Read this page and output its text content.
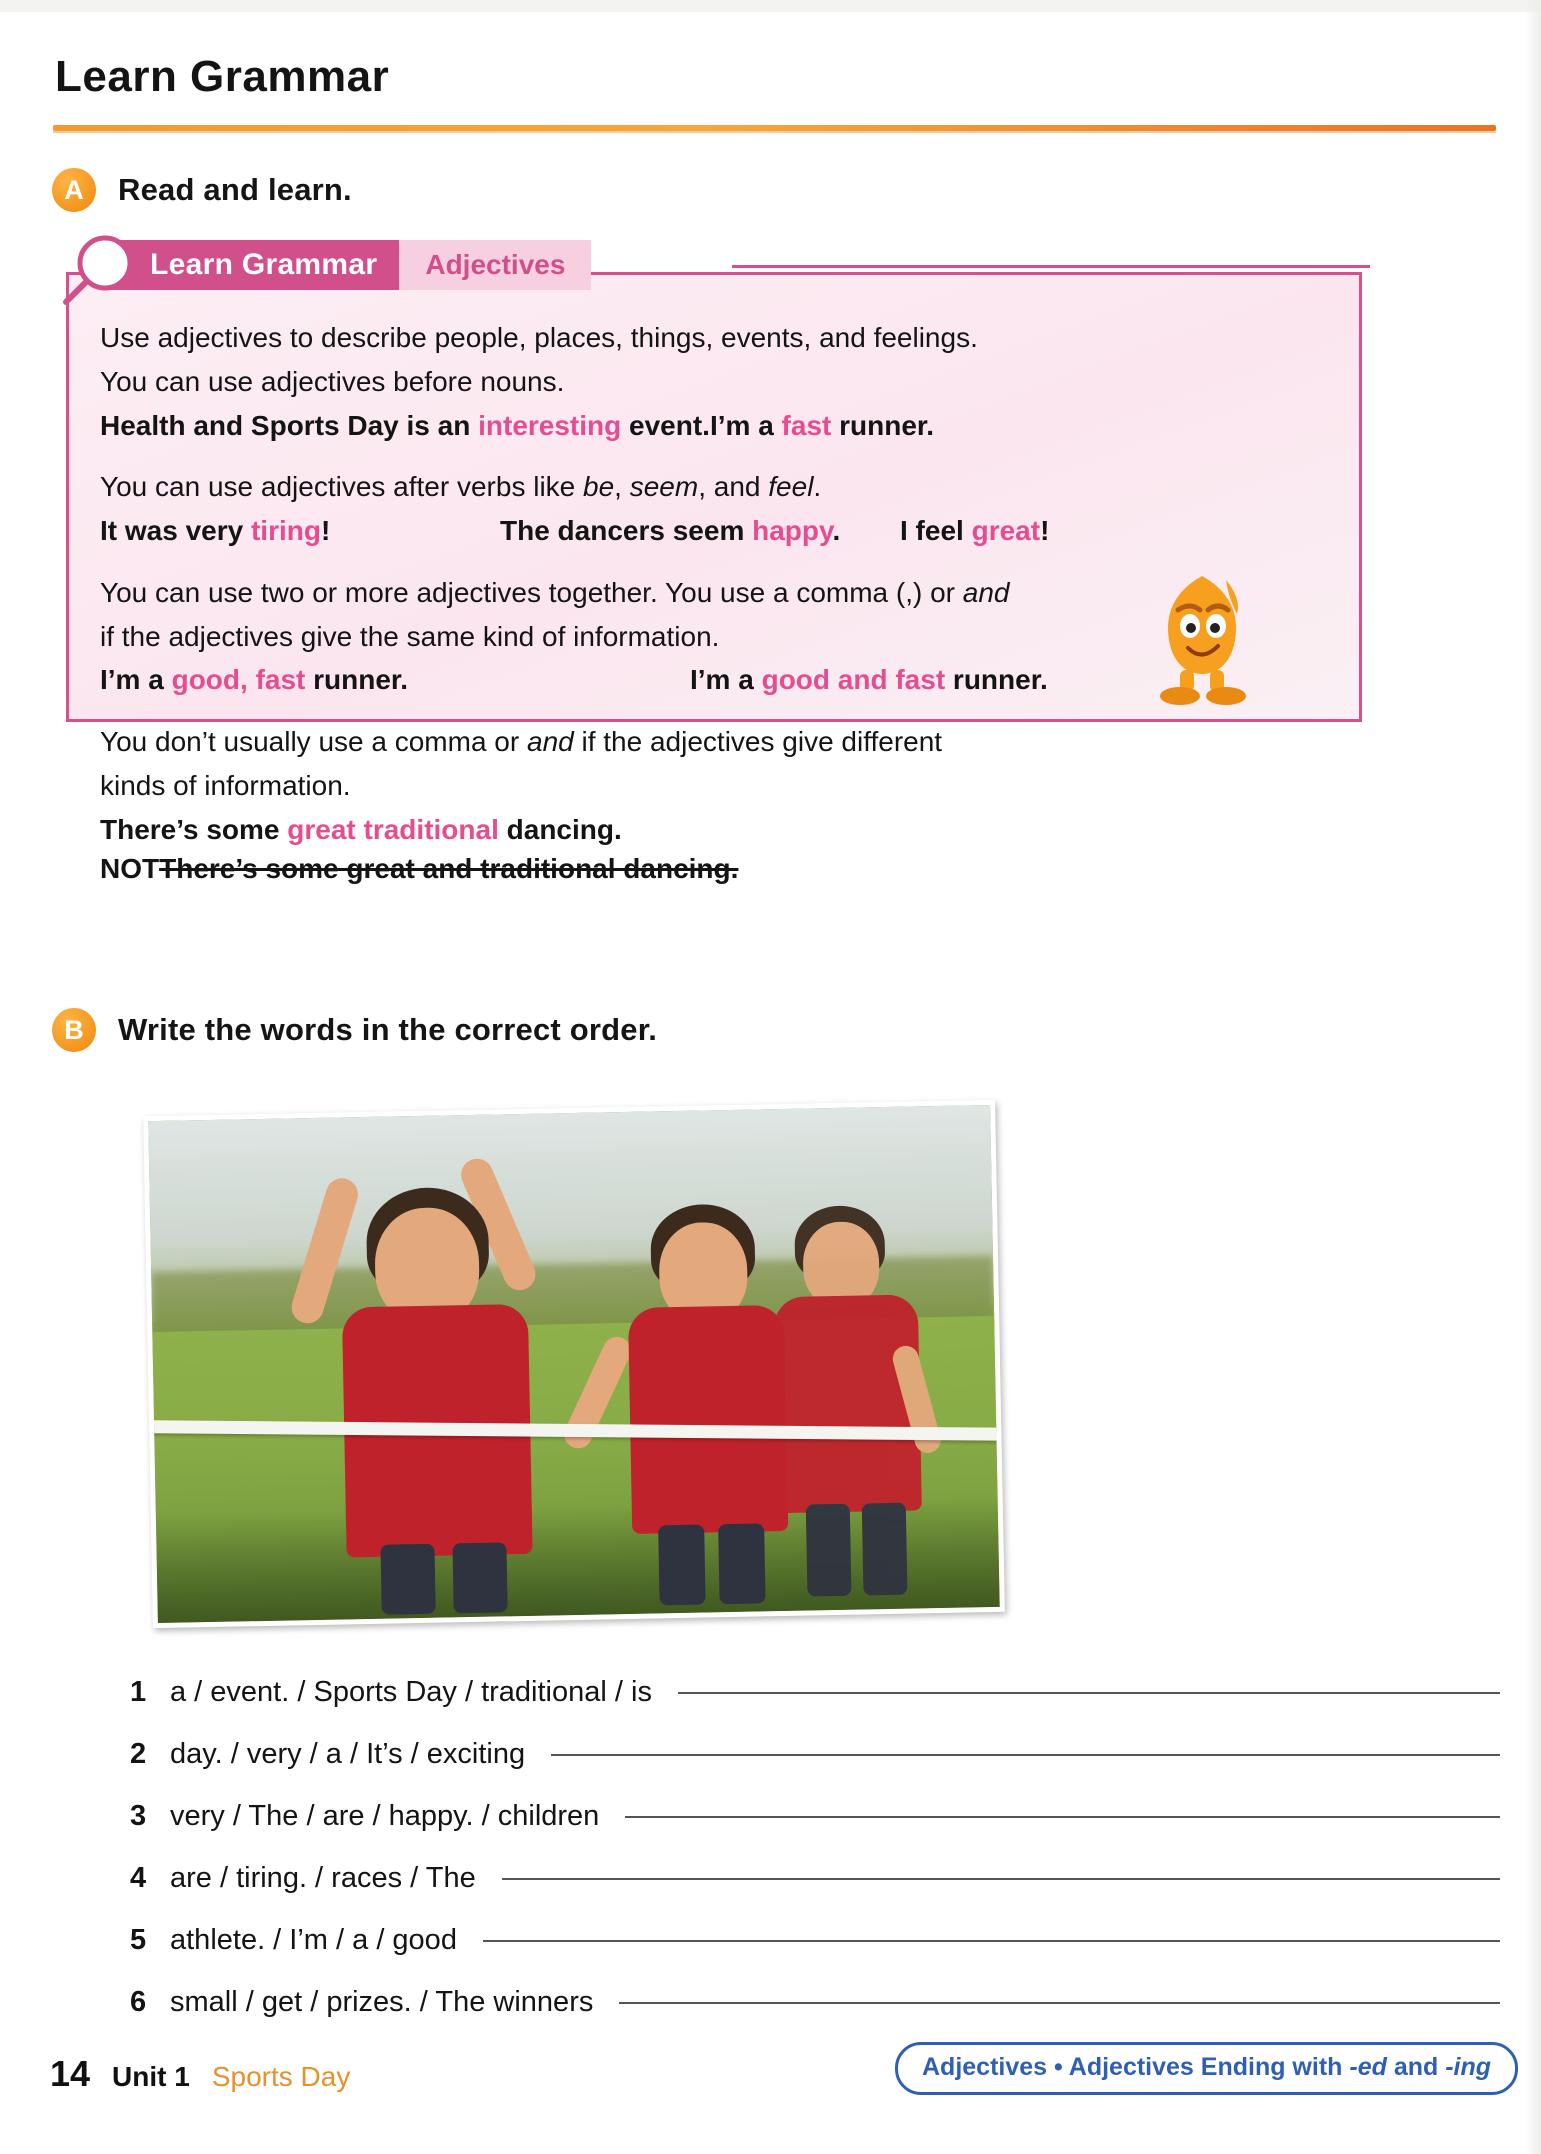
Learn Grammar
A	Read and learn.
Learn Grammar	Adjectives
Use adjectives to describe people, places, things, events, and feelings.
You can use adjectives before nouns.
Health and Sports Day is an interesting event. I’m a fast runner.
You can use adjectives after verbs like be, seem, and feel.
It was very tiring!	The dancers seem happy.	I feel great!
You can use two or more adjectives together. You use a comma (,) or and
if the adjectives give the same kind of information.
I’m a good, fast runner.	I’m a good and fast runner.
You don’t usually use a comma or and if the adjectives give different
kinds of information.
There’s some great traditional dancing.
NOT There’s some great and traditional dancing.
B	Write the words in the correct order.
1 a / event. / Sports Day / traditional / is
2 day. / very / a / It’s / exciting
3 very / The / are / happy. / children
4 are / tiring. / races / The
5 athlete. / I’m / a / good
6 small / get / prizes. / The winners
14 Unit 1 Sports Day	Adjectives • Adjectives Ending with -ed and -ing
